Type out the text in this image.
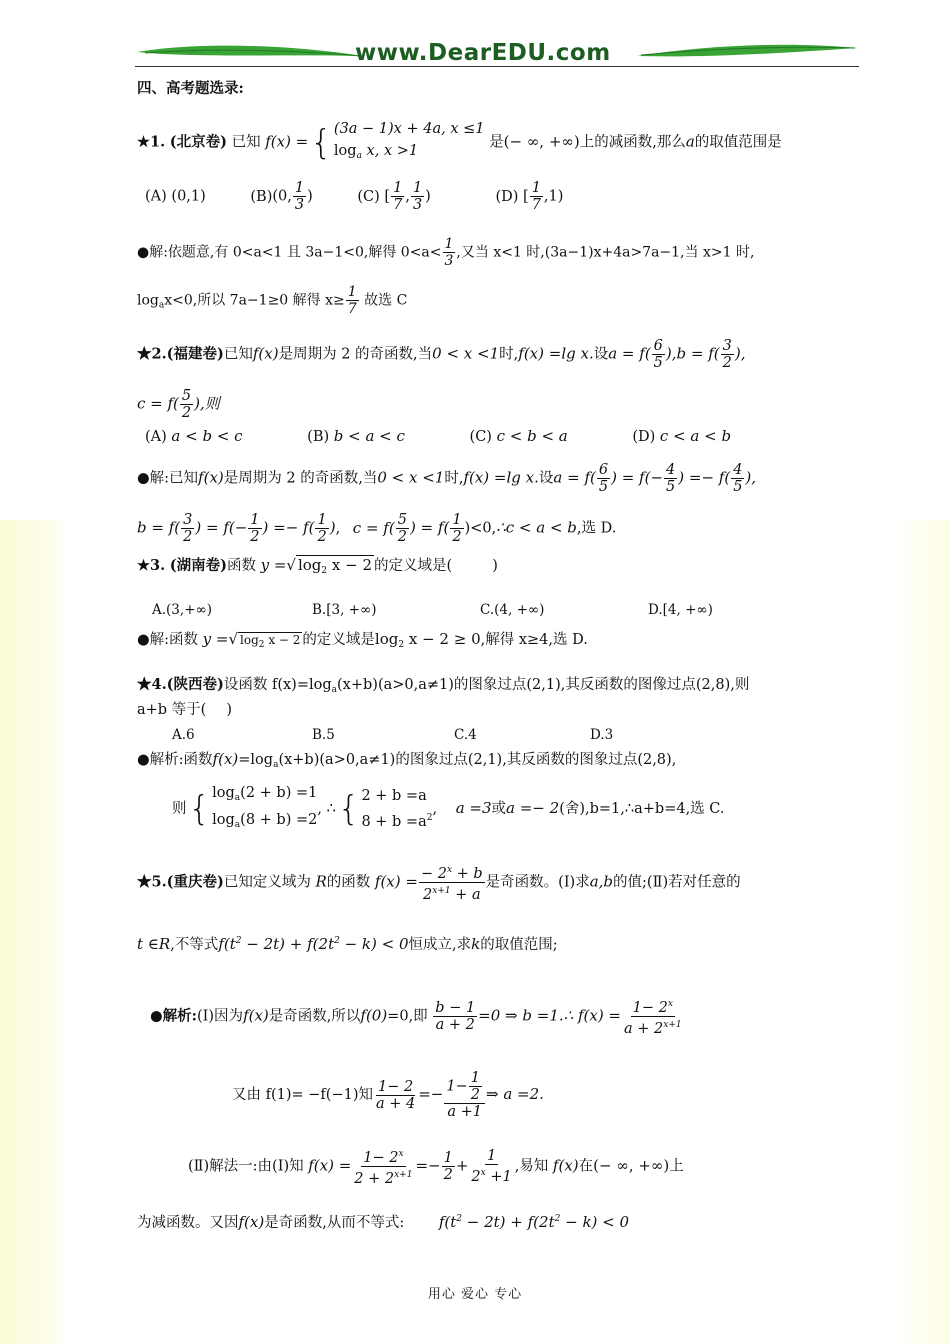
www.DearEDU.com
四、高考题选录:
★1. (北京卷) 已知 f(x) ={ (3a − 1)x + 4a, x ≤1
$\log_a x$, x >1
是(− ∞, +∞)上的减函数,那么a的取值范围是
(A) (0,1)	(B)(0, $\frac{1}{3}$ )	(C) [ $\frac{1}{7}$ , $\frac{1}{3}$ )	(D) [ $\frac{1}{7} ,1$)
●解:依题意,有 0<a<1 且 3a−1<0,解得 $0<a< \frac{1}{3}$ ,又当 x<1 时,(3a−1)x+4a>7a−1,当 x>1 时,
$\log_ax<0$,所以 7a−1≥0 解得 $x\ge \frac{1}{7}$ 故选 C
★2.(福建卷)已知f(x)是周期为 2 的奇函数,当0 < x <1时,f(x) =lg x.设$a = f( \frac{6}{5} ),b = f( \frac{3}{2}$ ),
$c = f( \frac{5}{2}$ ),则
(A) a < b < c	(B) b < a < c	(C) c < b < a	(D) c < a < b
●解:已知f(x)是周期为 2 的奇函数,当0 < x <1时,f(x) =lg x.设$a = f( \frac{6}{5}$ ) = $f(- \frac{4}{5}$ ) =− $f( \frac{4}{5}$ ),
$b = f( \frac{3}{2}$ ) = $f(- \frac{1}{2}$ ) =− $f( \frac{1}{2}$ ), $c = f( \frac{5}{2}$ ) = $f( \frac{1}{2}$ )<0,∴c < a < b,选 D.
★3. (湖南卷)函数 y =√ $\log_2 x - 2$ 的定义域是(	)
A.(3,+∞)	B.[3, +∞)	C.(4, +∞)	D.[4, +∞)
●解:函数 y =√ $\log_2 x - 2$ 的定义域是$\log_2 x - 2 \ge 0$,解得 x≥4,选 D.
★4.(陕西卷)设函数 $f(x)=\log_a(x+b)(a>0,a\ne 1)$的图象过点(2,1),其反函数的图像过点(2,8),则
a+b 等于( )
A.6	B.5	C.4	D.3
●解析:函数$f(x)=\log_a(x+b)(a>0,a\ne 1)$的图象过点(2,1),其反函数的图象过点(2,8),
则{ $\log_a(2 + b) =1$
$\log_a(8 + b) =2$
, ∴{ 2 + b =a
$8 + b =a^2$
, a =3或a =− 2(舍),b=1,∴a+b=4,选 C.
★5.(重庆卷)已知定义域为 R的函数 $f(x) = \frac{- 2^x + b}{2^{x+1} + a}$ 是奇函数。(Ⅰ)求a,b的值;(Ⅱ)若对任意的
t ∈R,不等式$f(t^2 - 2t) + f(2t^2 - k) < 0$恒成立,求k的取值范围;
●解析:(Ⅰ)因为f(x)是奇函数,所以f(0)=0,即 $\frac{b - 1}{a + 2} =0$ ⇒ b =1.∴ $f(x) = \frac{1- 2^x}{a + 2^{x+1}}$
又由 f(1)= −f(−1)知 $\frac{1- 2}{a + 4} =- \frac{1- \frac{1}{2}}{a +1}$ ⇒ a =2.
(Ⅱ)解法一:由(Ⅰ)知 $f(x) = \frac{1- 2^x}{2 + 2^{x+1}} =- \frac{1}{2} + \frac{1}{2^x +1}$ ,易知 f(x)在(− ∞, +∞)上
为减函数。又因f(x)是奇函数,从而不等式: $f(t^2 - 2t) + f(2t^2 - k) < 0$
用心 爱心 专心
